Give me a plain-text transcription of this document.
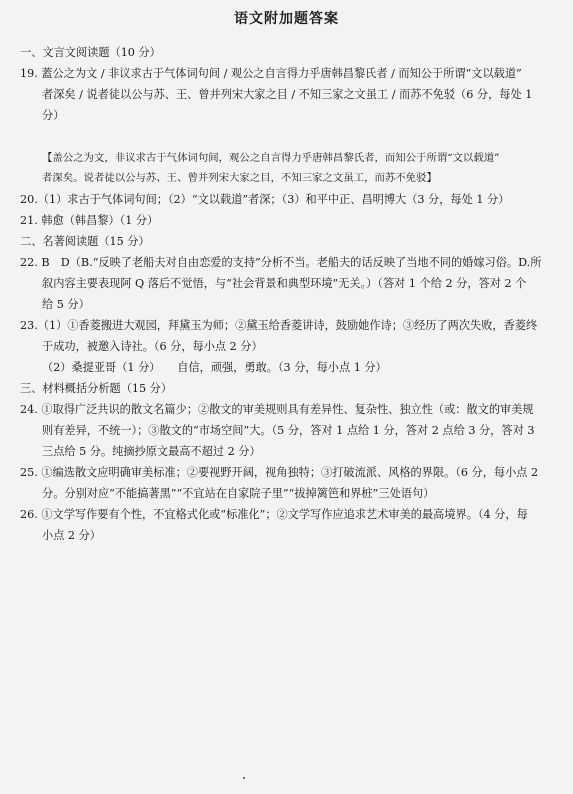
语文附加题答案
一、文言文阅读题（10 分）
19. 蓋公之为文 / 非议求古于气体词句间 / 观公之自言得力乎唐韩昌黎氏者 / 而知公于所谓“文以载道”
者深矣 / 说者徒以公与苏、王、曾并列宋大家之目 / 不知三家之文虽工 / 而苏不免驳（6 分，每处 1
分）
【盖公之为文，非议求古于气体词句间，观公之自言得力乎唐韩昌黎氏者，而知公于所谓“文以载道”
者深矣。说者徒以公与苏、王、曾并列宋大家之目，不知三家之文虽工，而苏不免驳】
20.（1）求古于气体词句间；（2）“文以载道”者深；（3）和平中正、昌明博大（3 分，每处 1 分）
21. 韩愈（韩昌黎）（1 分）
二、名著阅读题（15 分）
22. B　D（B.“反映了老船夫对自由恋爱的支持”分析不当。老船夫的话反映了当地不同的婚嫁习俗。D.所
叙内容主要表现阿 Q 落后不觉悟，与“社会背景和典型环境”无关。）（答对 1 个给 2 分，答对 2 个
给 5 分）
23.（1）①香菱搬进大观园，拜黛玉为师；②黛玉给香菱讲诗，鼓励她作诗；③经历了两次失败，香菱终
于成功，被邀入诗社。（6 分，每小点 2 分）
（2）桑提亚哥（1 分）　　自信，顽强，勇敢。（3 分，每小点 1 分）
三、材料概括分析题（15 分）
24. ①取得广泛共识的散文名篇少；②散文的审美规则具有差异性、复杂性、独立性（或：散文的审美规
则有差异，不统一）；③散文的“市场空间”大。（5 分，答对 1 点给 1 分，答对 2 点给 3 分，答对 3
三点给 5 分。纯摘抄原文最高不超过 2 分）
25. ①编选散文应明确审美标准；②要视野开阔，视角独特；③打破流派、风格的界限。（6 分，每小点 2
分。分别对应“不能搞著黑”“不宜站在自家院子里”“拔掉篱笆和界桩”三处语句）
26. ①文学写作要有个性，不宜格式化或“标准化”；②文学写作应追求艺术审美的最高境界。（4 分，每
小点 2 分）
